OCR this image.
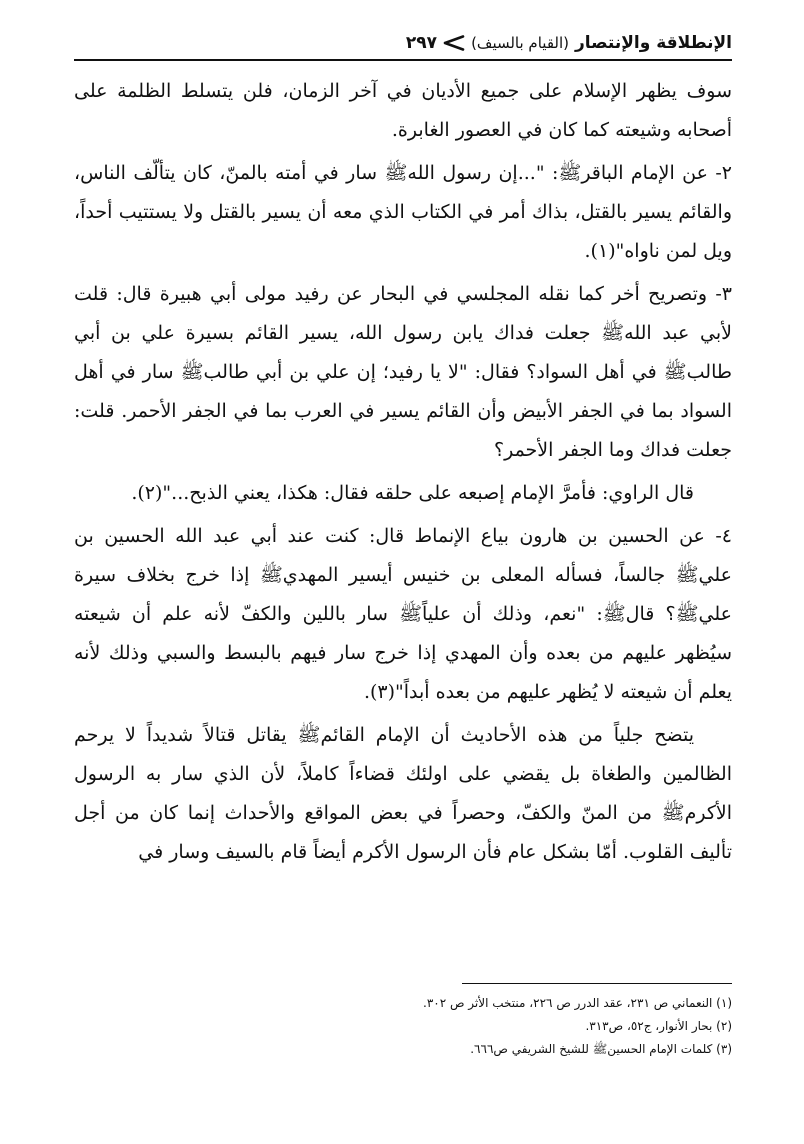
الإنطلاقة والإنتصار
(القيام بالسيف)
٢٩٧

سوف يظهر الإسلام على جميع الأديان في آخر الزمان، فلن يتسلط الظلمة على أصحابه وشيعته كما كان في العصور الغابرة.

٢- عن الإمام الباقرﷺ: "...إن رسول اللهﷺ سار في أمته بالمنّ، كان يتألّف الناس، والقائم يسير بالقتل، بذاك أمر في الكتاب الذي معه أن يسير بالقتل ولا يستتيب أحداً، ويل لمن ناواه"(١).

٣- وتصريح أخر كما نقله المجلسي في البحار عن رفيد مولى أبي هبيرة قال: قلت لأبي عبد اللهﷺ جعلت فداك يابن رسول الله، يسير القائم بسيرة علي بن أبي طالبﷺ في أهل السواد؟ فقال: "لا يا رفيد؛ إن علي بن أبي طالبﷺ سار في أهل السواد بما في الجفر الأبيض وأن القائم يسير في العرب بما في الجفر الأحمر. قلت: جعلت فداك وما الجفر الأحمر؟

قال الراوي: فأمرَّ الإمام إصبعه على حلقه فقال: هكذا، يعني الذبح..."(٢).

٤- عن الحسين بن هارون بياع الإنماط قال: كنت عند أبي عبد الله الحسين بن عليﷺ جالساً، فسأله المعلى بن خنيس أيسير المهديﷺ إذا خرج بخلاف سيرة عليﷺ؟ قالﷺ: "نعم، وذلك أن علياًﷺ سار باللين والكفّ لأنه علم أن شيعته سيُظهر عليهم من بعده وأن المهدي إذا خرج سار فيهم بالبسط والسبي وذلك لأنه يعلم أن شيعته لا يُظهر عليهم من بعده أبداً"(٣).

يتضح جلياً من هذه الأحاديث أن الإمام القائمﷺ يقاتل قتالاً شديداً لا يرحم الظالمين والطغاة بل يقضي على اولئك قضاءاً كاملاً، لأن الذي سار به الرسول الأكرمﷺ من المنّ والكفّ، وحصراً في بعض المواقع والأحداث إنما كان من أجل تأليف القلوب. أمّا بشكل عام فأن الرسول الأكرم أيضاً قام بالسيف وسار في

(١) النعماني ص ٢٣١، عقد الدرر ص ٢٢٦، منتخب الأثر ص ٣٠٢.

(٢) بحار الأنوار، ج٥٢، ص٣١٣.

(٣) كلمات الإمام الحسينﷺ للشيخ الشريفي ص٦٦٦.
